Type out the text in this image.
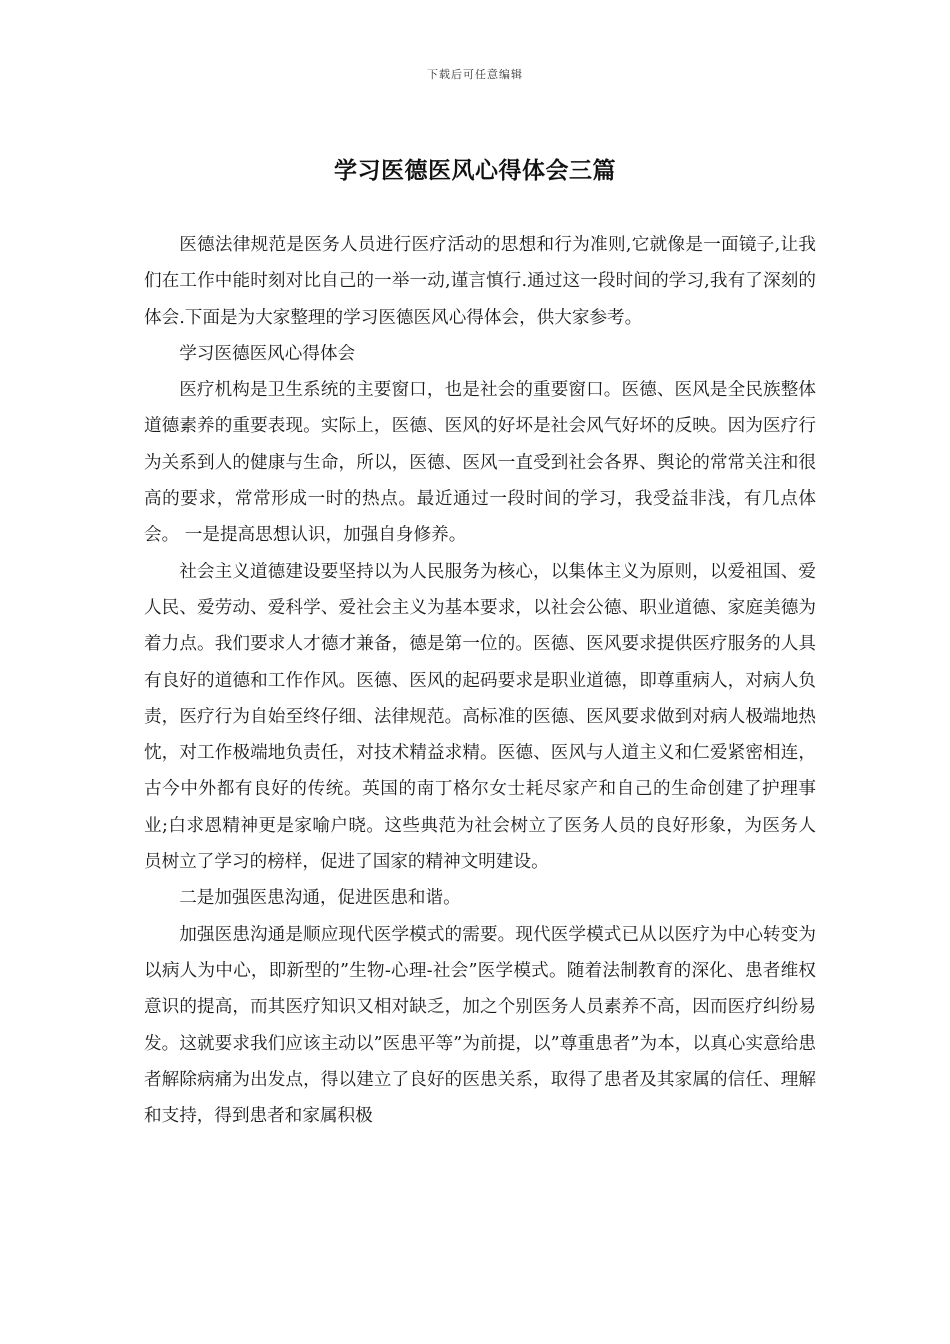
下载后可任意编辑
学习医德医风心得体会三篇

医德法律规范是医务人员进行医疗活动的思想和行为准则,它就像是一面镜子,让我们在工作中能时刻对比自己的一举一动,谨言慎行.通过这一段时间的学习,我有了深刻的体会.下面是为大家整理的学习医德医风心得体会，供大家参考。

学习医德医风心得体会

医疗机构是卫生系统的主要窗口，也是社会的重要窗口。医德、医风是全民族整体道德素养的重要表现。实际上，医德、医风的好坏是社会风气好坏的反映。因为医疗行为关系到人的健康与生命，所以，医德、医风一直受到社会各界、舆论的常常关注和很高的要求，常常形成一时的热点。最近通过一段时间的学习，我受益非浅，有几点体会。 一是提高思想认识，加强自身修养。

社会主义道德建设要坚持以为人民服务为核心，以集体主义为原则，以爱祖国、爱人民、爱劳动、爱科学、爱社会主义为基本要求，以社会公德、职业道德、家庭美德为着力点。我们要求人才德才兼备，德是第一位的。医德、医风要求提供医疗服务的人具有良好的道德和工作作风。医德、医风的起码要求是职业道德，即尊重病人，对病人负责，医疗行为自始至终仔细、法律规范。高标准的医德、医风要求做到对病人极端地热忱，对工作极端地负责任，对技术精益求精。医德、医风与人道主义和仁爱紧密相连，古今中外都有良好的传统。英国的南丁格尔女士耗尽家产和自己的生命创建了护理事业;白求恩精神更是家喻户晓。这些典范为社会树立了医务人员的良好形象，为医务人员树立了学习的榜样，促进了国家的精神文明建设。

二是加强医患沟通，促进医患和谐。

加强医患沟通是顺应现代医学模式的需要。现代医学模式已从以医疗为中心转变为以病人为中心，即新型的”生物-心理-社会”医学模式。随着法制教育的深化、患者维权意识的提高，而其医疗知识又相对缺乏，加之个别医务人员素养不高，因而医疗纠纷易发。这就要求我们应该主动以”医患平等”为前提，以”尊重患者”为本，以真心实意给患者解除病痛为出发点，得以建立了良好的医患关系，取得了患者及其家属的信任、理解和支持，得到患者和家属积极
